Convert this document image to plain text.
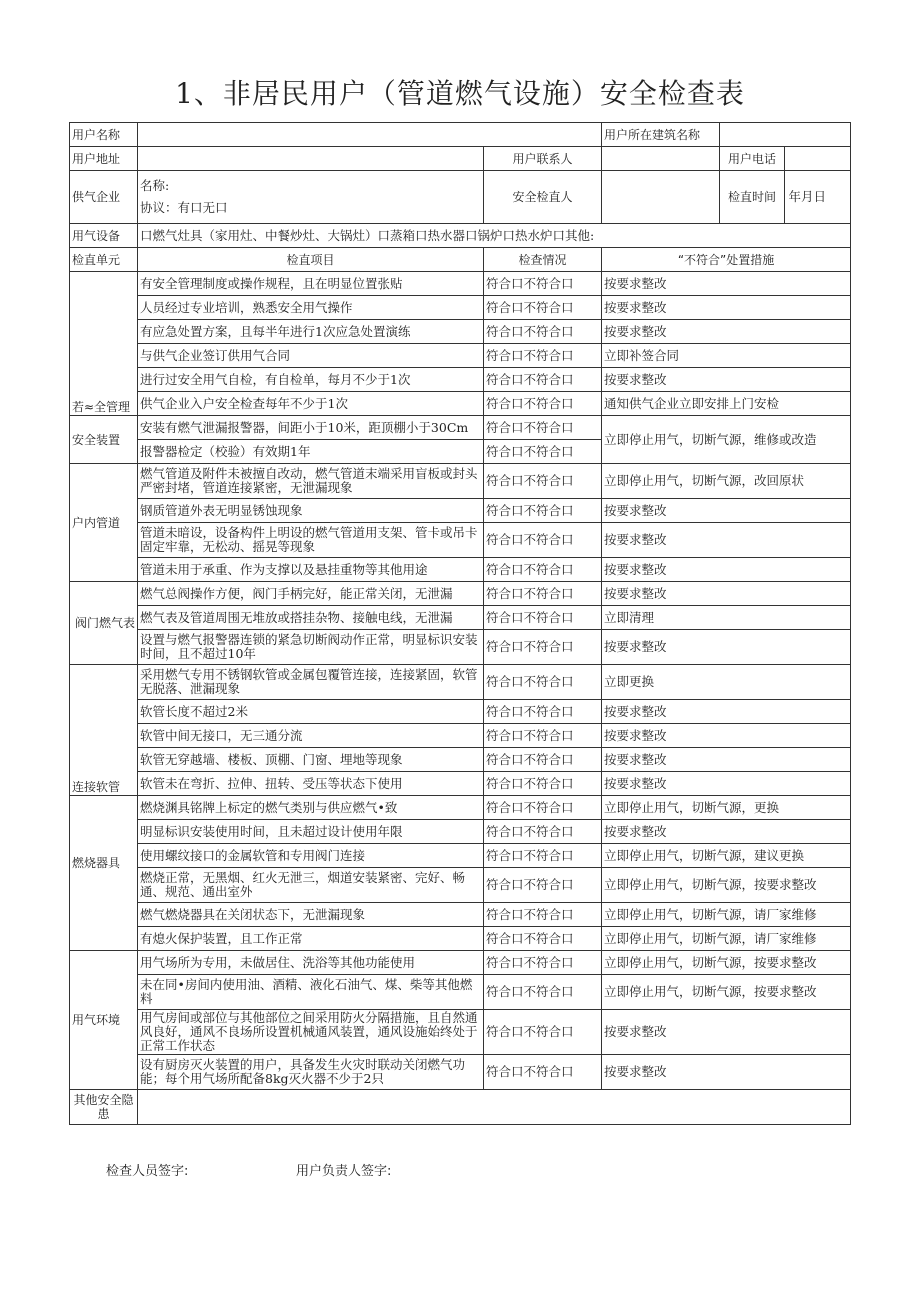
1、非居民用户（管道燃气设施）安全检查表
用户名称			用户所在建筑名称		
用户地址		用户联系人		用户电话	
供气企业	名称:
协议：有口无口	安全检直人		检直时间	年月日
用气设备	口燃气灶具（家用灶、中餐炒灶、大锅灶）口蒸箱口热水器口锅炉口热水炉口其他:				
检直单元	检直项目	检查情况	“不符合”处置措施		
若≈全管理	有安全管理制度或操作规程，且在明显位置张贴	符合口不符合口	按要求整改		
	人员经过专业培训，熟悉安全用气操作	符合口不符合口	按要求整改		
	有应急处置方案，且每半年进行1次应急处置演练	符合口不符合口	按要求整改		
	与供气企业签订供用气合同	符合口不符合口	立即补签合同		
	进行过安全用气自检，有自检单，每月不少于1次	符合口不符合口	按要求整改		
	供气企业入户安全检查每年不少于1次	符合口不符合口	通知供气企业立即安排上门安检		
安全装置	安装有燃气泄漏报警器，间距小于10米，距顶棚小于30Cm	符合口不符合口	立即停止用气，切断气源，维修或改造		
	报警器检定（校验）有效期1年	符合口不符合口			
户内管道	燃气管道及附件未被擅自改动，燃气管道末端采用盲板或封头严密封堵，管道连接紧密，无泄漏现象	符合口不符合口	立即停止用气，切断气源，改回原状		
	钢质管道外表无明显锈蚀现象	符合口不符合口	按要求整改		
	管道未暗设，设备构件上明设的燃气管道用支架、管卡或吊卡固定牢靠，无松动、摇晃等现象	符合口不符合口	按要求整改		
	管道未用于承重、作为支撑以及悬挂重物等其他用途	符合口不符合口	按要求整改		
阀门燃气表	燃气总阀操作方便，阀门手柄完好，能正常关闭，无泄漏	符合口不符合口	按要求整改		
	燃气表及管道周围无堆放或搭挂杂物、接触电线，无泄漏	符合口不符合口	立即清理		
	设置与燃气报警器连锁的紧急切断阀动作正常，明显标识安装时间，且不超过10年	符合口不符合口	按要求整改		
连接软管	采用燃气专用不锈钢软管或金属包覆管连接，连接紧固，软管无脱落、泄漏现象	符合口不符合口	立即更换		
	软管长度不超过2米	符合口不符合口	按要求整改		
	软管中间无接口，无三通分流	符合口不符合口	按要求整改		
	软管无穿越墙、楼板、顶棚、门窗、埋地等现象	符合口不符合口	按要求整改		
	软管未在弯折、拉伸、扭转、受压等状态下使用	符合口不符合口	按要求整改		
燃烧器具	燃烧渊具铭牌上标定的燃气类别与供应燃气•致	符合口不符合口	立即停止用气，切断气源，更换		
	明显标识安装使用时间，且未超过设计使用年限	符合口不符合口	按要求整改		
	使用螺纹接口的金属软管和专用阀门连接	符合口不符合口	立即停止用气，切断气源，建议更换		
	燃烧正常，无黑烟、红火无泄三，烟道安装紧密、完好、畅通、规范、通出室外	符合口不符合口	立即停止用气，切断气源，按要求整改		
	燃气燃烧器具在关闭状态下，无泄漏现象	符合口不符合口	立即停止用气，切断气源，请厂家维修		
	有熄火保护装置，且工作正常	符合口不符合口	立即停止用气，切断气源，请厂家维修		
用气环境	用气场所为专用，未做居住、洗浴等其他功能使用	符合口不符合口	立即停止用气，切断气源，按要求整改		
	未在同•房间内使用油、酒精、液化石油气、煤、柴等其他燃料	符合口不符合口	立即停止用气，切断气源，按要求整改		
	用气房间或部位与其他部位之间采用防火分隔措施，且自然通风良好，通风不良场所设置机械通风装置，通风设施始终处于正常工作状态	符合口不符合口	按要求整改		
	设有厨房灭火装置的用户，具备发生火灾时联动关闭燃气功能；每个用气场所配备8kg灭火器不少于2只	符合口不符合口	按要求整改		
其他安全隐患					
检查人员签字:	用户负责人签字:
